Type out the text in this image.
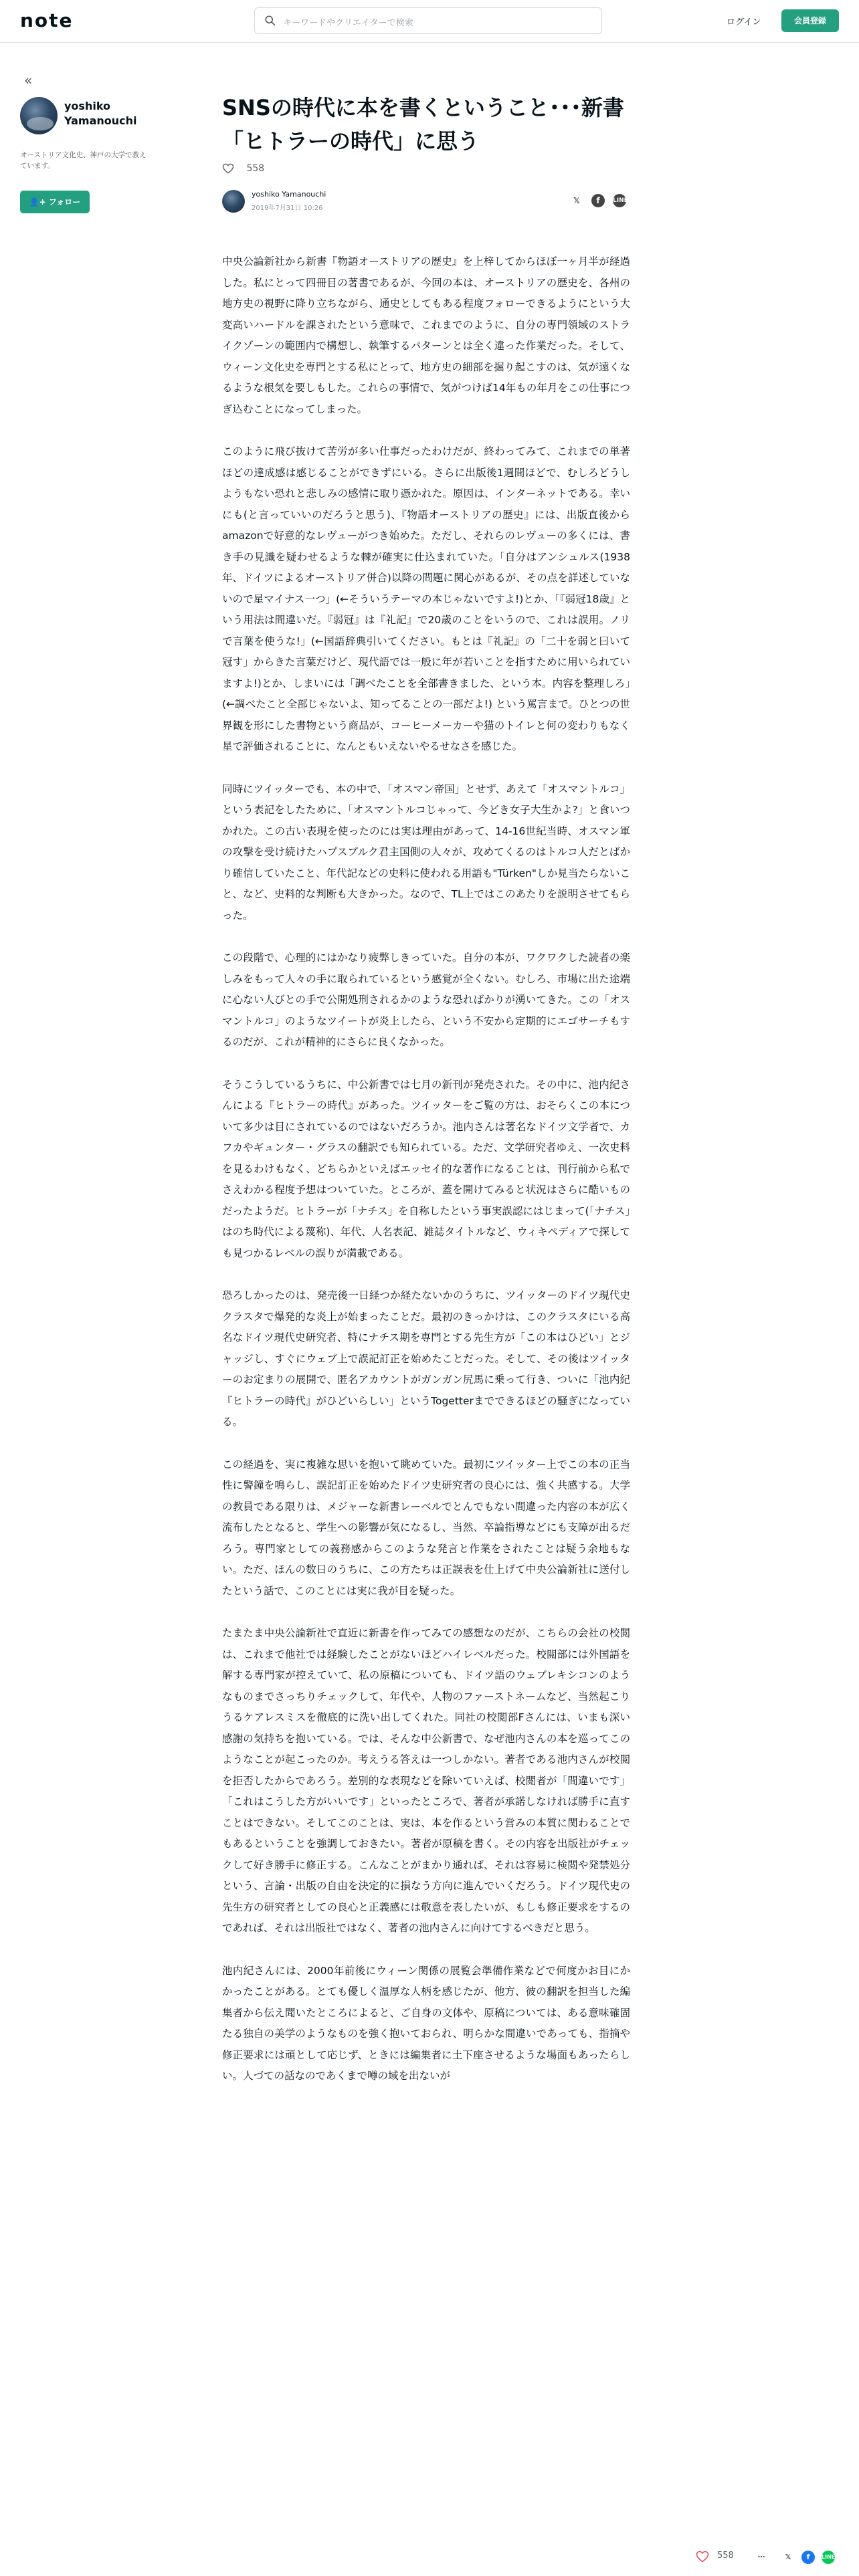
note	キーワードやクリエイターで検索	ログイン	会員登録
«
yoshiko Yamanouchi
オーストリア文化史、神戸の大学で教えています。
👤+ フォロー
SNSの時代に本を書くということ･･･新書「ヒトラーの時代」に思う
558
yoshiko Yamanouchi
2019年7月31日 10:26
𝕏	f	LINE

中央公論新社から新書『物語オーストリアの歴史』を上梓してからほぼ一ヶ月半が経過した。私にとって四冊目の著書であるが、今回の本は、オーストリアの歴史を、各州の地方史の視野に降り立ちながら、通史としてもある程度フォローできるようにという大変高いハードルを課されたという意味で、これまでのように、自分の専門領域のストライクゾーンの範囲内で構想し、執筆するパターンとは全く違った作業だった。そして、ウィーン文化史を専門とする私にとって、地方史の細部を掘り起こすのは、気が遠くなるような根気を要しもした。これらの事情で、気がつけば14年もの年月をこの仕事につぎ込むことになってしまった。

このように飛び抜けて苦労が多い仕事だったわけだが、終わってみて、これまでの単著ほどの達成感は感じることができずにいる。さらに出版後1週間ほどで、むしろどうしようもない恐れと悲しみの感情に取り憑かれた。原因は、インターネットである。幸いにも(と言っていいのだろうと思う)、『物語オーストリアの歴史』には、出版直後からamazonで好意的なレヴューがつき始めた。ただし、それらのレヴューの多くには、書き手の見識を疑わせるような棘が確実に仕込まれていた。「自分はアンシュルス(1938年、ドイツによるオーストリア併合)以降の問題に関心があるが、その点を詳述していないので星マイナス一つ」(←そういうテーマの本じゃないですよ!)とか、「『弱冠18歳』という用法は間違いだ。『弱冠』は『礼記』で20歳のことをいうので、これは誤用。ノリで言葉を使うな!」(←国語辞典引いてください。もとは『礼記』の「二十を弱と曰いて冠す」からきた言葉だけど、現代語では一般に年が若いことを指すために用いられていますよ!)とか、しまいには「調べたことを全部書きました、という本。内容を整理しろ」(←調べたこと全部じゃないよ、知ってることの一部だよ!) という罵言まで。ひとつの世界観を形にした書物という商品が、コーヒーメーカーや猫のトイレと何の変わりもなく星で評価されることに、なんともいえないやるせなさを感じた。

同時にツイッターでも、本の中で、「オスマン帝国」とせず、あえて「オスマントルコ」という表記をしたために、「オスマントルコじゃって、今どき女子大生かよ?」と食いつかれた。この古い表現を使ったのには実は理由があって、14-16世紀当時、オスマン軍の攻撃を受け続けたハプスブルク君主国側の人々が、攻めてくるのはトルコ人だとばかり確信していたこと、年代記などの史料に使われる用語も"Türken"しか見当たらないこと、など、史料的な判断も大きかった。なので、TL上ではこのあたりを説明させてもらった。

この段階で、心理的にはかなり疲弊しきっていた。自分の本が、ワクワクした読者の楽しみをもって人々の手に取られているという感覚が全くない。むしろ、市場に出た途端に心ない人びとの手で公開処刑されるかのような恐ればかりが湧いてきた。この「オスマントルコ」のようなツイートが炎上したら、という不安から定期的にエゴサーチもするのだが、これが精神的にさらに良くなかった。

そうこうしているうちに、中公新書では七月の新刊が発売された。その中に、池内紀さんによる『ヒトラーの時代』があった。ツイッターをご覧の方は、おそらくこの本について多少は目にされているのではないだろうか。池内さんは著名なドイツ文学者で、カフカやギュンター・グラスの翻訳でも知られている。ただ、文学研究者ゆえ、一次史料を見るわけもなく、どちらかといえばエッセイ的な著作になることは、刊行前から私でさえわかる程度予想はついていた。ところが、蓋を開けてみると状況はさらに酷いものだったようだ。ヒトラーが「ナチス」を自称したという事実誤認にはじまって(「ナチス」はのち時代による蔑称)、年代、人名表記、雑誌タイトルなど、ウィキペディアで探しても見つかるレベルの誤りが満載である。

恐ろしかったのは、発売後一日経つか経たないかのうちに、ツイッターのドイツ現代史クラスタで爆発的な炎上が始まったことだ。最初のきっかけは、このクラスタにいる高名なドイツ現代史研究者、特にナチス期を専門とする先生方が「この本はひどい」とジャッジし、すぐにウェブ上で誤記訂正を始めたことだった。そして、その後はツイッターのお定まりの展開で、匿名アカウントがガンガン尻馬に乗って行き、ついに「池内紀『ヒトラーの時代』がひどいらしい」というTogetterまでできるほどの騒ぎになっている。

この経過を、実に複雑な思いを抱いて眺めていた。最初にツイッター上でこの本の正当性に警鐘を鳴らし、誤記訂正を始めたドイツ史研究者の良心には、強く共感する。大学の教員である限りは、メジャーな新書レーベルでとんでもない間違った内容の本が広く流布したとなると、学生への影響が気になるし、当然、卒論指導などにも支障が出るだろう。専門家としての義務感からこのような発言と作業をされたことは疑う余地もない。ただ、ほんの数日のうちに、この方たちは正誤表を仕上げて中央公論新社に送付したという話で、このことには実に我が目を疑った。

たまたま中央公論新社で直近に新書を作ってみての感想なのだが、こちらの会社の校閲は、これまで他社では経験したことがないほどハイレベルだった。校閲部には外国語を解する専門家が控えていて、私の原稿についても、ドイツ語のウェブレキシコンのようなものまでさっちりチェックして、年代や、人物のファーストネームなど、当然起こりうるケアレスミスを徹底的に洗い出してくれた。同社の校閲部Fさんには、いまも深い感謝の気持ちを抱いている。では、そんな中公新書で、なぜ池内さんの本を巡ってこのようなことが起こったのか。考えうる答えは一つしかない。著者である池内さんが校閲を拒否したからであろう。差別的な表現などを除いていえば、校閲者が「間違いです」「これはこうした方がいいです」といったところで、著者が承諾しなければ勝手に直すことはできない。そしてこのことは、実は、本を作るという営みの本質に関わることでもあるということを強調しておきたい。著者が原稿を書く。その内容を出版社がチェックして好き勝手に修正する。こんなことがまかり通れば、それは容易に検閲や発禁処分という、言論・出版の自由を決定的に損なう方向に進んでいくだろう。ドイツ現代史の先生方の研究者としての良心と正義感には敬意を表したいが、もしも修正要求をするのであれば、それは出版社ではなく、著者の池内さんに向けてするべきだと思う。

池内紀さんには、2000年前後にウィーン関係の展覧会準備作業などで何度かお目にかかったことがある。とても優しく温厚な人柄を感じたが、他方、彼の翻訳を担当した編集者から伝え聞いたところによると、ご自身の文体や、原稿については、ある意味確固たる独自の美学のようなものを強く抱いておられ、明らかな間違いであっても、指摘や修正要求には頑として応じず、ときには編集者に土下座させるような場面もあったらしい。人づての話なのであくまで噂の域を出ないが

558	⋯	𝕏	f	LINE
